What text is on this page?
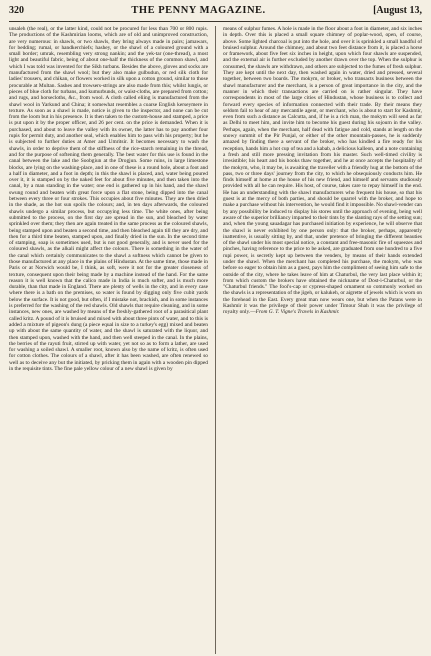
320	THE PENNY MAGAZINE.	[August 13,

unsaleh (the real), or the latter kind, could not be procured for less than 700 or 800 rupis. The productions of the Kashmirian looms, which are of old and unimproved construction, are very numerous: in shawls, or two shawls, they bring always made in pairs; jamawars, for bedding; rumal, or handkerchiefs; hashey, or the shawl of a coloured ground with a small border; umrak, resembling very strong nankin; and the yek-tar (one-thread), a most light and beautiful fabric, being of about one-half the thickness of the common shawl, and which I was told was invented for the Sikh turbans. Besides the above, gloves and socks are manufactured from the shawl wool; but they also make gulbudun, or red silk cloth for ladies' trousers, and chikan, or flowers worked in silk upon a cotton ground, similar to those procurable at Multan. Sashes and trowsers-strings are also made from this; whilst lungis, or pieces of blue cloth for turbans, and kumurbunds, or waist-cloths, are prepared from cotton; and rugs, and horsecloths, &c., from wool. A cloth called eliing is manufactured from the shawl wool in Yarkund and China; it somewhat resembles a coarse English kerseymere in texture. As soon as a shawl is made, notice is given to the inspector, and none can be cut from the loom but in his presence. It is then taken to the custom-house and stamped, a price is put upon it by the proper officer, and 26 per cent. on the price is demanded. When it is purchased, and about to leave the valley with its owner, the latter has to pay another four rupis for permit duty, and another seal, which enables him to pass with his property; but he is subjected to further duties at Amer and Umritsir. It becomes necessary to wash the shawls, in order to deprive them of the stiffness of the rice-starch remaining in the thread, and for the purpose of softening them generally. The best water for this use is found in the canal between the lake and the Soobgiun at the Drogjun. Some ruins, in large limestone blocks, are lying on the washing-place, and in one of these is a round hole, about a foot and a half in diameter, and a foot in depth; in this the shawl is placed, and, water being poured over it, it is stamped on by the naked feet for about five minutes, and then taken into the canal, by a man standing in the water; one end is gathered up in his hand, and the shawl swung round and beaten with great force upon a flat stone, being dipped into the canal between every three or four strokes. This occupies about five minutes. They are then dried in the shade, as the hot sun spoils the colours; and, in ten days afterwards, the coloured shawls undergo a similar process, but occupying less time. The white ones, after being submitted to the process, on the first day are spread in the sun, and bleached by water sprinkled over them; they then are again treated in the same process as the coloured shawls, being stamped upon and beaten a second time, and then bleached again till they are dry, and then for a third time beaten, stamped upon, and finally dried in the sun. In the second time of stamping, soap is sometimes used, but is not good generally, and is never used for the coloured shawls, as the alkali might affect the colours. There is something in the water of the canal which certainly communicates to the shawl a softness which cannot be given to those manufactured at any place in the plains of Hindustan. At the same time, those made in Paris or at Norwich would be, I think, as soft, were it not for the greater closeness of texture, consequent upon their being made by a machine instead of the hand. For the same reason it is well known that the calico made in India is much softer, and is much more durable, than that made in England. There are plenty of wells in the city, and in every case where there is a bath on the premises, so water is found by digging only five cubit yards below the surface. It is not good, but often, if I mistake not, brackish, and in some instances is preferred for the washing of the red shawls. Old shawls that require cleaning, and in some instances, new ones, are washed by means of the freshly-gathered root of a parasitical plant called kritz. A pound of it is bruised and mixed with about three pints of water, and to this is added a mixture of pigeon's dung (a piece equal in size to a turkey's egg) mixed and beaten up with about the same quantity of water, and the shawl is saturated with the liquor, and then stamped upon, washed with the hand, and then well steeped in the canal. In the plains, the berries of the rayuti fruit, stirred up with water, yet not so as to form a lather, are used for washing a soiled shawl. A smaller root, known also by the name of kritz, is often used for cotton clothes. The colours of a shawl, after it has been washed, are often renewed so well as to deceive any but the initiated, by pricking them in again with a wooden pin dipped in the requisite tints. The fine pale yellow colour of a new shawl is given by

means of sulphur fumes. A hole is made in the floor about a foot in diameter, and six inches in depth. Over this is placed a small square chimney of poplar-wood, open, of course, above. Some lighted charcoal is put into the hole, and over it is sprinkled a small handful of bruised sulphur. Around the chimney, and about two feet distance from it, is placed a horse or framework, about five feet six inches in height, upon which four shawls are suspended, and the external air is further excluded by another drawn over the top. When the sulphur is consumed, the shawls are withdrawn, and others are subjected to the fumes of fresh sulphur. They are kept until the next day, then washed again in water, dried and pressed, several together, between two boards. The mokym, or broker, who transacts business between the shawl manufacturer and the merchant, is a person of great importance in the city, and the manner in which their transactions are carried on is rather singular. They have correspondents in most of the large cities of Hindustan, whose business is to collect and forward every species of information connected with their trade. By their means they seldom fail to hear of any mercantile agent, or merchant, who is about to start for Kashmir, even from such a distance as Calcutta, and, if he is a rich man, the mokym will send as far as Delhi to meet him, and invite him to become his guest during his sojourn in the valley. Perhaps, again, when the merchant, half dead with fatigue and cold, stands at length on the snowy summit of the Pir Punjal, or either of the other mountain-passes, he is suddenly amazed by finding there a servant of the broker, who has kindled a fire ready for his reception, hands him a hot cup of tea and a kabab, a delicious kalleon, and a note containing a fresh and still more pressing invitation from his master. Such well-timed civility is irresistible; his heart and his books thaw together, and he at once accepts the hospitality of the mokym, who, it may be, is awaiting the traveller with a friendly hug at the bottom of the pass, two or three days' journey from the city, to which he obsequiously conducts him. He finds himself at home at the house of his new friend, and himself and servants studiously provided with all he can require. His host, of course, takes care to repay himself in the end. He has an understanding with the shawl manufacturers who frequent his house, so that his guest is at the mercy of both parties, and should be quarrel with the broker, and hope to make a purchase without his intervention, he would find it impossible. No shawl-vender can by any possibility be induced to display his stores until the approach of evening, being well aware of the superior brilliancy imparted to their tints by the slanting rays of the setting sun; and, when the young sauadagar has purchased initiation by experience, he will observe that the shawl is never exhibited by one person only: that the broker, perhaps, apparently inattentive, is usually sitting by, and that, under pretence of bringing the different beauties of the shawl under his most special notice, a constant and free-masonic fire of squeezes and pinches, having reference to the price to be asked, are graduated from one hundred to a five rupi power, is secretly kept up between the venders, by means of their hands extended under the shawl. When the merchant has completed his purchase, the mokym, who was before so eager to obtain him as a guest, pays him the compliment of seeing him safe to the outside of the city, where he takes leave of him at Chaturbul, the very last place within it; from which custom the brokers have obtained the nickname of Dost-i-Chaturbul, or the "Chaturbul friends." The fool's-cap or cypress-shaped ornament so commonly worked on the shawls is a representation of the jigeh, or kalukeh, or aigrette of jewels which is worn on the forehead in the East. Every great man now wears one, but when the Patans were in Kashmir it was the privilege of their power under Timour Shah it was the privilege of royalty only.—From G. T. Vigne's Travels in Kashmir.
